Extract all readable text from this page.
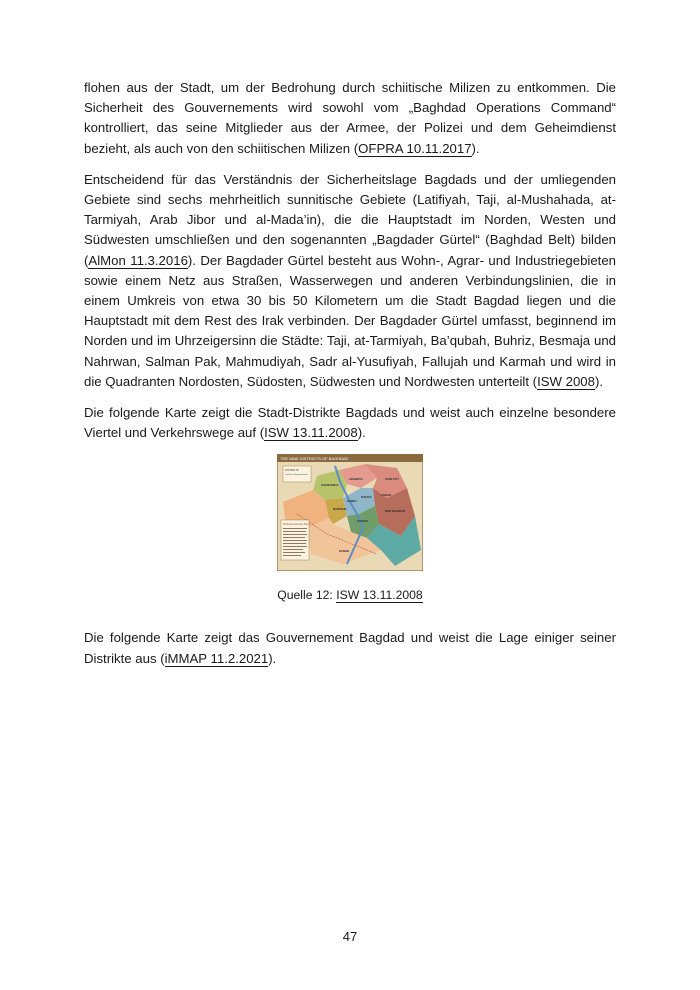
flohen aus der Stadt, um der Bedrohung durch schiitische Milizen zu entkommen. Die Sicherheit des Gouvernements wird sowohl vom „Baghdad Operations Command“ kontrolliert, das seine Mitglieder aus der Armee, der Polizei und dem Geheimdienst bezieht, als auch von den schiitischen Milizen (OFPRA 10.11.2017).

Entscheidend für das Verständnis der Sicherheitslage Bagdads und der umliegenden Gebiete sind sechs mehrheitlich sunnitische Gebiete (Latifiyah, Taji, al-Mushahada, at-Tarmiyah, Arab Jibor und al-Mada’in), die die Hauptstadt im Norden, Westen und Südwesten umschließen und den sogenannten „Bagdader Gürtel“ (Baghdad Belt) bilden (AlMon 11.3.2016). Der Bagdader Gürtel besteht aus Wohn-, Agrar- und Industriegebieten sowie einem Netz aus Straßen, Wasserwegen und anderen Verbindungslinien, die in einem Umkreis von etwa 30 bis 50 Kilometern um die Stadt Bagdad liegen und die Hauptstadt mit dem Rest des Irak verbinden. Der Bagdader Gürtel umfasst, beginnend im Norden und im Uhrzeigersinn die Städte: Taji, at-Tarmiyah, Ba’qubah, Buhriz, Besmaja und Nahrwan, Salman Pak, Mahmudiyah, Sadr al-Yusufiyah, Fallujah und Karmah und wird in die Quadranten Nordosten, Südosten, Südwesten und Nordwesten unterteilt (ISW 2008).

Die folgende Karte zeigt die Stadt-Distrikte Bagdads und weist auch einzelne besondere Viertel und Verkehrswege auf (ISW 13.11.2008).

THE NINE DISTRICTS OF BAGHDAD
DISTRICTS
Important Neighborhoods
Northwest Security Plan
KHADHAMIYA
ADHAMIYA	SADR CITY
MANSOUR
KARKH
RUSAFA
KARADA
NEW BAGHDAD
9 NISAN
RASHID
Quelle 12: ISW 13.11.2008

Die folgende Karte zeigt das Gouvernement Bagdad und weist die Lage einiger seiner Distrikte aus (iMMAP 11.2.2021).

47
